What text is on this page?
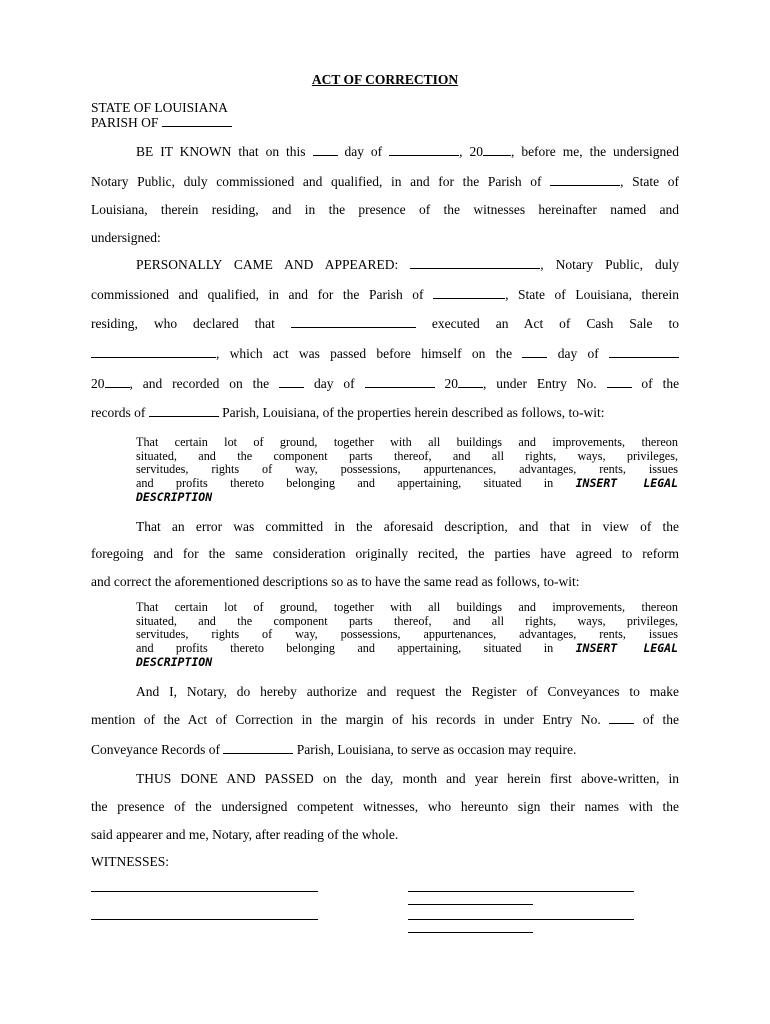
ACT OF CORRECTION
STATE OF LOUISIANA
PARISH OF
BE IT KNOWN that on this	day of	, 20 , before me, the undersigned
Notary Public, duly commissioned and qualified, in and for the Parish of	, State of
Louisiana, therein residing, and in the presence of the witnesses hereinafter named and
undersigned:
PERSONALLY CAME AND APPEARED:	, Notary Public, duly
commissioned and qualified, in and for the Parish of	, State of Louisiana, therein
residing, who declared that	executed an Act of Cash Sale to
, which act was passed before himself on the	day of
20 , and recorded on the	day of	20 , under Entry No.	of the
records of	Parish, Louisiana, of the properties herein described as follows, to-wit:
That certain lot of ground, together with all buildings and improvements, thereon
situated, and the component parts thereof, and all rights, ways, privileges,
servitudes, rights of way, possessions, appurtenances, advantages, rents, issues
and profits thereto belonging and appertaining, situated in INSERT LEGAL
DESCRIPTION
That an error was committed in the aforesaid description, and that in view of the
foregoing and for the same consideration originally recited, the parties have agreed to reform
and correct the aforementioned descriptions so as to have the same read as follows, to-wit:
That certain lot of ground, together with all buildings and improvements, thereon
situated, and the component parts thereof, and all rights, ways, privileges,
servitudes, rights of way, possessions, appurtenances, advantages, rents, issues
and profits thereto belonging and appertaining, situated in INSERT LEGAL
DESCRIPTION
And I, Notary, do hereby authorize and request the Register of Conveyances to make
mention of the Act of Correction in the margin of his records in under Entry No.	of the
Conveyance Records of	Parish, Louisiana, to serve as occasion may require.
THUS DONE AND PASSED on the day, month and year herein first above-written, in
the presence of the undersigned competent witnesses, who hereunto sign their names with the
said appearer and me, Notary, after reading of the whole.
WITNESSES:
